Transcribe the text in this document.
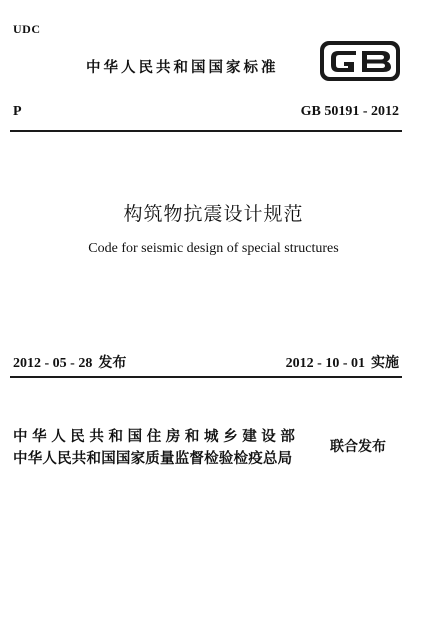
UDC
中华人民共和国国家标准
P	GB 50191 - 2012
构筑物抗震设计规范
Code for seismic design of special structures
2012 - 05 - 28 发布	2012 - 10 - 01 实施
中华人民共和国住房和城乡建设部
中华人民共和国国家质量监督检验检疫总局
联合发布
